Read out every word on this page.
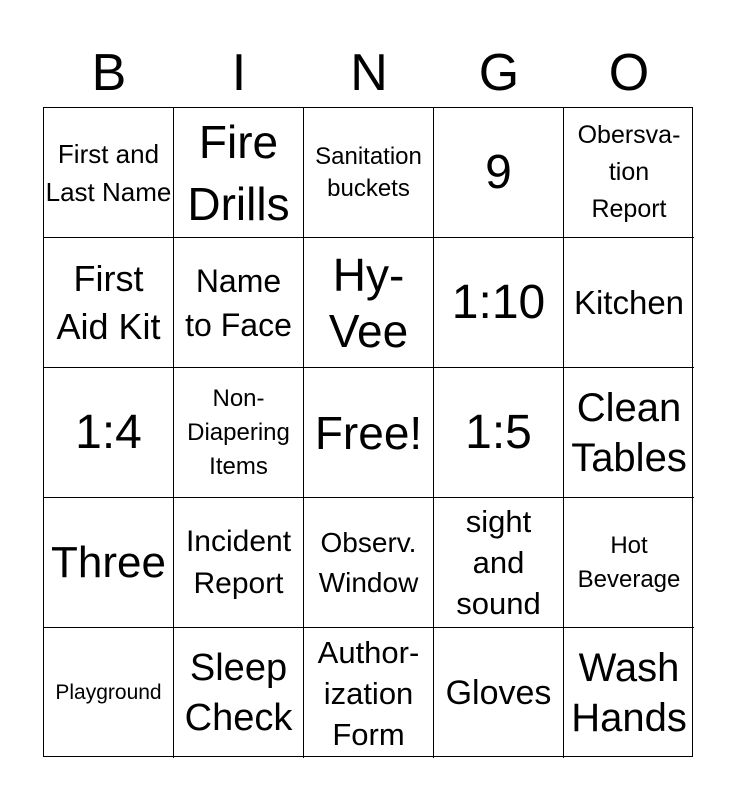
B	I	N	G	O
First and Last Name
Fire Drills
Sanitation buckets	9
Obersva- tion Report
First Aid Kit
Name to Face
Hy- Vee
1:10 Kitchen
1:4
Non- Diapering Items
Free! 1:5	Clean Tables
Three Incident Report
Observ. Window
sight and sound
Hot Beverage
Playground
Sleep Check
Author- ization Form
Gloves
Wash Hands
